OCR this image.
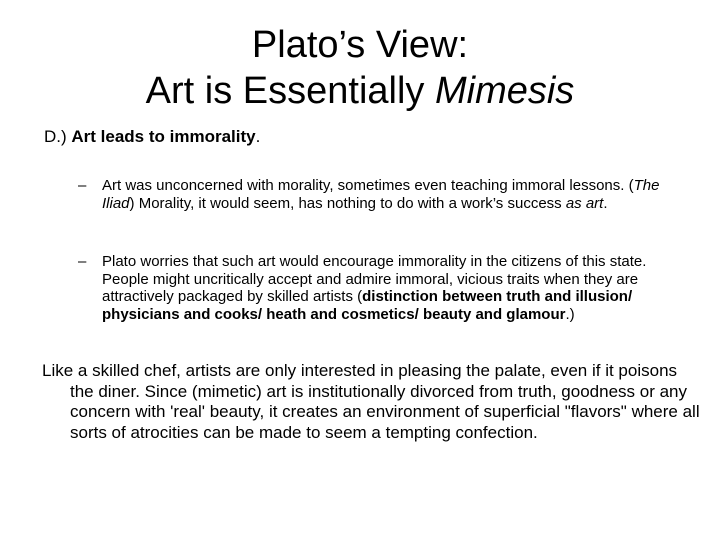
Plato’s View:
Art is Essentially Mimesis
D.) Art leads to immorality.
– Art was unconcerned with morality, sometimes even teaching immoral lessons. (The Iliad) Morality, it would seem, has nothing to do with a work’s success as art.
– Plato worries that such art would encourage immorality in the citizens of this state. People might uncritically accept and admire immoral, vicious traits when they are attractively packaged by skilled artists (distinction between truth and illusion/ physicians and cooks/ heath and cosmetics/ beauty and glamour.)
Like a skilled chef, artists are only interested in pleasing the palate, even if it poisons the diner. Since (mimetic) art is institutionally divorced from truth, goodness or any concern with 'real' beauty, it creates an environment of superficial "flavors" where all sorts of atrocities can be made to seem a tempting confection.
